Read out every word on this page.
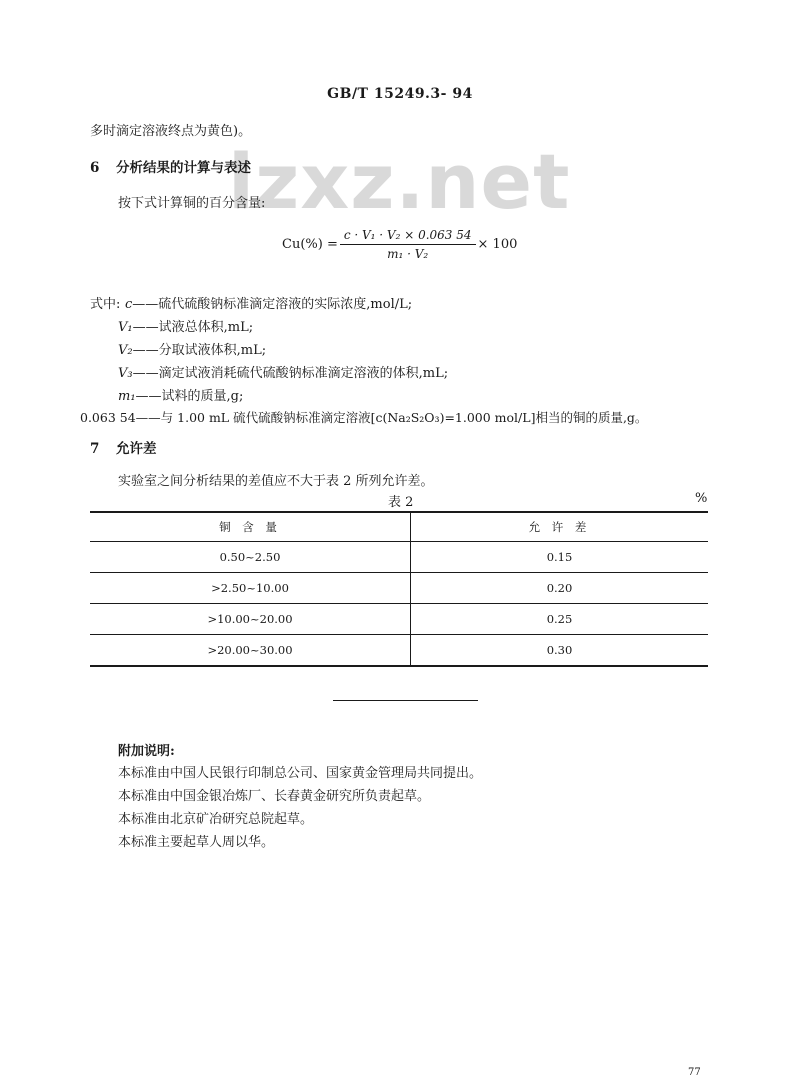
GB/T 15249.3- 94
lzxz.net
多时滴定溶液终点为黄色)。
6 分析结果的计算与表述
按下式计算铜的百分含量:
$Cu(\%) = \frac{\text{c · V₁ · V₂ × 0.063 54}}{\text{m₁ · V₂}} \times 100$
式中: c——硫代硫酸钠标准滴定溶液的实际浓度,mol/L;
V₁——试液总体积,mL;
V₂——分取试液体积,mL;
V₃——滴定试液消耗硫代硫酸钠标准滴定溶液的体积,mL;
m₁——试料的质量,g;
0.063 54——与 1.00 mL 硫代硫酸钠标准滴定溶液[c(Na₂S₂O₃)=1.000 mol/L]相当的铜的质量,g。
7 允许差
实验室之间分析结果的差值应不大于表 2 所列允许差。
表 2	%
铜 含 量	允 许 差
0.50~2.50	0.15
>2.50~10.00	0.20
>10.00~20.00	0.25
>20.00~30.00	0.30
附加说明:
本标准由中国人民银行印制总公司、国家黄金管理局共同提出。
本标准由中国金银冶炼厂、长春黄金研究所负责起草。
本标准由北京矿冶研究总院起草。
本标准主要起草人周以华。
77
